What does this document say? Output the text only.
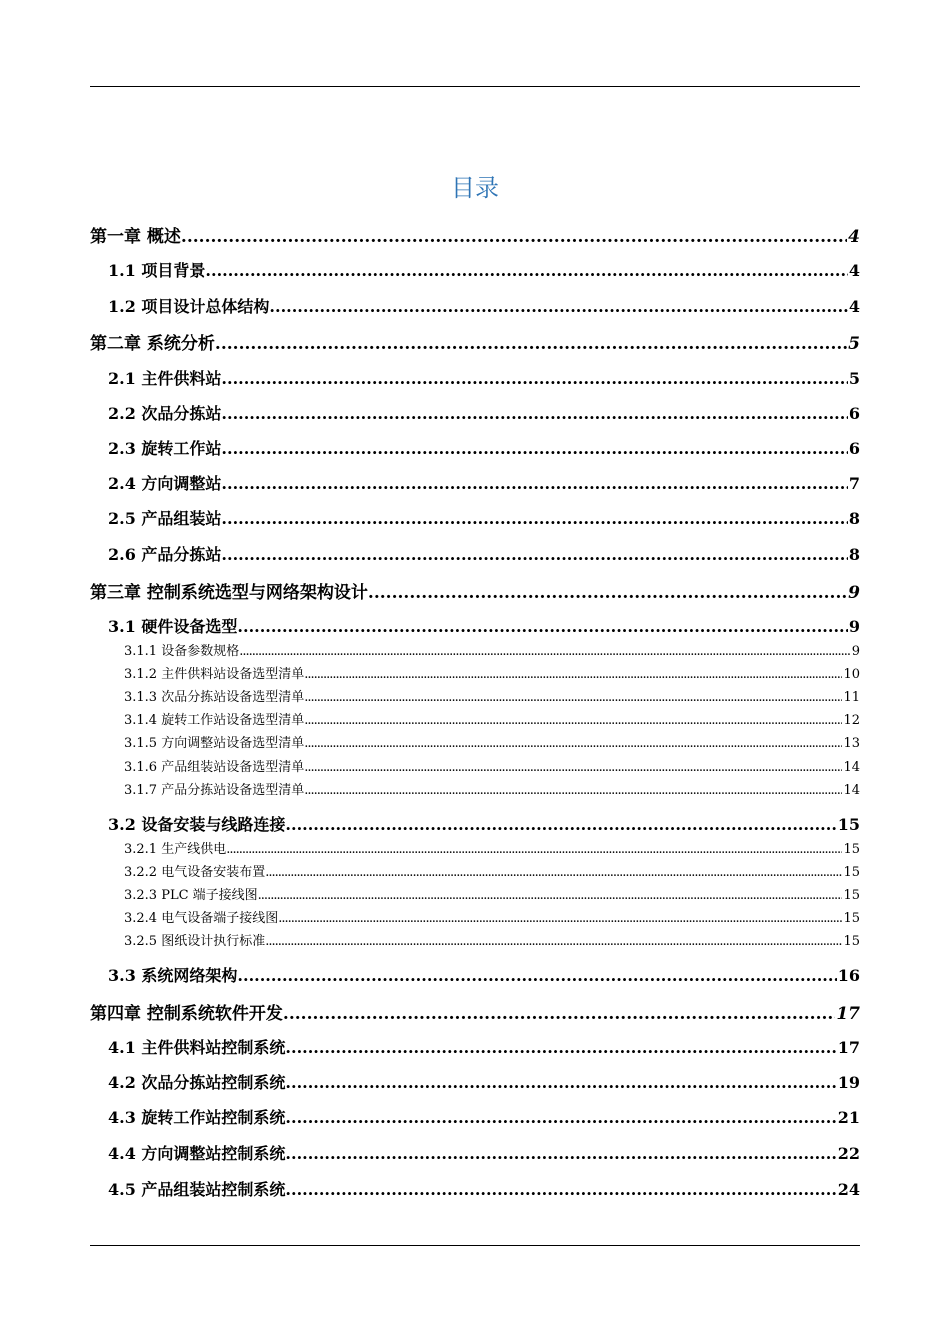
目录
第一章 概述 .....	4
1.1 项目背景 .....	4
1.2 项目设计总体结构 .....	4
第二章 系统分析 .....	5
2.1 主件供料站 .....	5
2.2 次品分拣站 .....	6
2.3 旋转工作站 .....	6
2.4 方向调整站 .....	7
2.5 产品组装站 .....	8
2.6 产品分拣站 .....	8
第三章 控制系统选型与网络架构设计 .....	9
3.1 硬件设备选型 .....	9
3.1.1 设备参数规格 .....	9
3.1.2 主件供料站设备选型清单 .....	10
3.1.3 次品分拣站设备选型清单 .....	11
3.1.4 旋转工作站设备选型清单 .....	12
3.1.5 方向调整站设备选型清单 .....	13
3.1.6 产品组装站设备选型清单 .....	14
3.1.7 产品分拣站设备选型清单 .....	14
3.2 设备安装与线路连接 .....	15
3.2.1 生产线供电 .....	15
3.2.2 电气设备安装布置 .....	15
3.2.3 PLC 端子接线图 .....	15
3.2.4 电气设备端子接线图 .....	15
3.2.5 图纸设计执行标准 .....	15
3.3 系统网络架构 .....	16
第四章 控制系统软件开发 .....	17
4.1 主件供料站控制系统 .....	17
4.2 次品分拣站控制系统 .....	19
4.3 旋转工作站控制系统 .....	21
4.4 方向调整站控制系统 .....	22
4.5 产品组装站控制系统 .....	24
